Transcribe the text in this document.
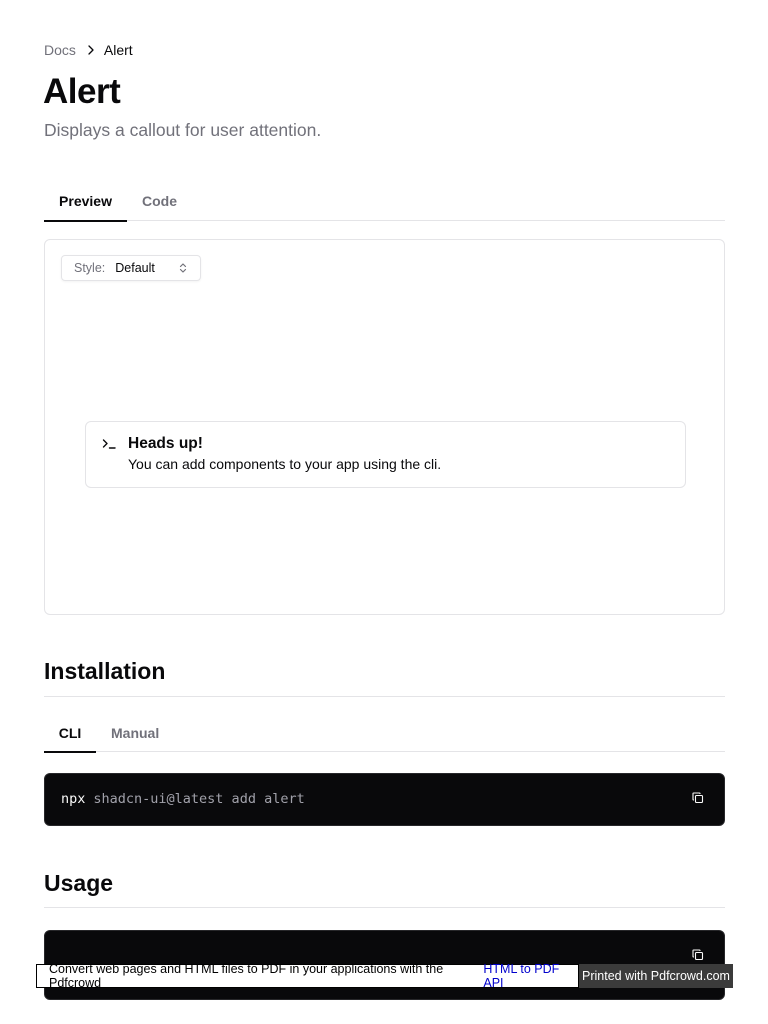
Docs Alert
Alert

Displays a callout for user attention.

Preview	Code
Style: Default
Heads up!
You can add components to your app using the cli.
Installation
CLI	Manual
npx shadcn-ui@latest add alert
Usage
Convert web pages and HTML files to PDF in your applications with the Pdfcrowd
HTML to PDF API	Printed with Pdfcrowd.com
